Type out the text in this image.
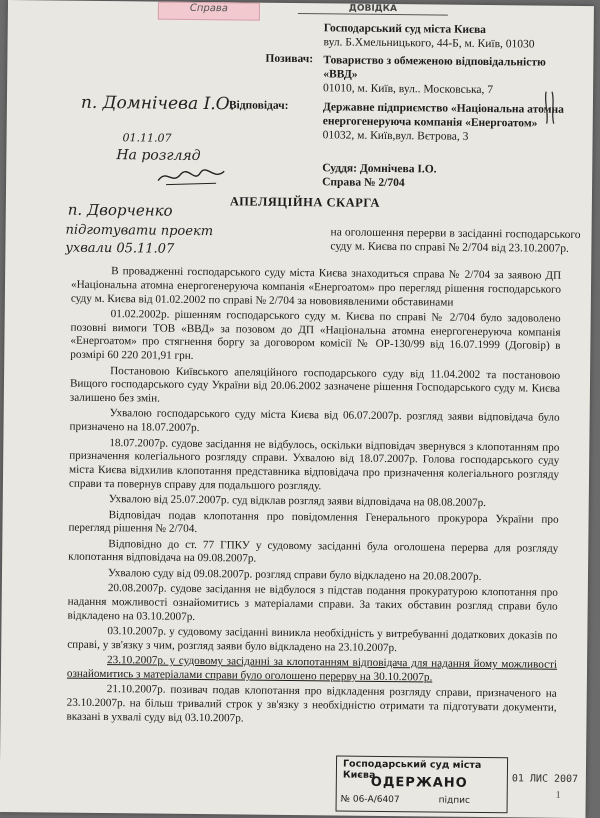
Справа	ДОВІДКА
Господарський суд міста Києва
вул. Б.Хмельницького, 44-Б, м. Київ, 01030
Позивач: Товариство з обмеженою відповідальністю «ВВД»
01010, м. Київ, вул.. Московська, 7
Відповідач:	Державне підприємство «Національна атомна енергогенеруюча компанія «Енергоатом»
01032, м. Київ,вул. Вєтрова, 3
Суддя: Домнічева І.О.
Справа № 2/704
п. Домнічева І.О.
01.11.07
На розгляд
п. Дворченко
підготувати проект
ухвали 05.11.07
АПЕЛЯЦІЙНА СКАРГА
на оголошення перерви в засіданні господарського суду м. Києва по справі № 2/704 від 23.10.2007р.

В провадженні господарського суду міста Києва знаходиться справа № 2/704 за заявою ДП «Національна атомна енергогенеруюча компанія «Енергоатом» про перегляд рішення господарського суду м. Києва від 01.02.2002 по справі № 2/704 за нововиявленими обставинами

01.02.2002р. рішенням господарського суду м. Києва по справі № 2/704 було задоволено позовні вимоги ТОВ «ВВД» за позовом до ДП «Національна атомна енергогенеруюча компанія «Енергоатом» про стягнення боргу за договором комісії № ОР-130/99 від 16.07.1999 (Договір) в розмірі 60 220 201,91 грн.

Постановою Київського апеляційного господарського суду від 11.04.2002 та постановою Вищого господарського суду України від 20.06.2002 зазначене рішення Господарського суду м. Києва залишено без змін.

Ухвалою господарського суду міста Києва від 06.07.2007р. розгляд заяви відповідача було призначено на 18.07.2007р.

18.07.2007р. судове засідання не відбулось, оскільки відповідач звернувся з клопотанням про призначення колегіального розгляду справи. Ухвалою від 18.07.2007р. Голова господарського суду міста Києва відхилив клопотання представника відповідача про призначення колегіального розгляду справи та повернув справу для подальшого розгляду.

Ухвалою від 25.07.2007р. суд відклав розгляд заяви відповідача на 08.08.2007р.

Відповідач подав клопотання про повідомлення Генерального прокурора України про перегляд рішення № 2/704.

Відповідно до ст. 77 ГПКУ у судовому засіданні була оголошена перерва для розгляду клопотання відповідача на 09.08.2007р.

Ухвалою суду від 09.08.2007р. розгляд справи було відкладено на 20.08.2007р.

20.08.2007р. судове засідання не відбулося з підстав подання прокуратурою клопотання про надання можливості ознайомитись з матеріалами справи. За таких обставин розгляд справи було відкладено на 03.10.2007р.

03.10.2007р. у судовому засіданні виникла необхідність у витребуванні додаткових доказів по справі, у зв'язку з чим, розгляд заяви було відкладено на 23.10.2007р.

23.10.2007р. у судовому засіданні за клопотанням відповідача для надання йому можливості ознайомитись з матеріалами справи було оголошено перерву на 30.10.2007р.

21.10.2007р. позивач подав клопотання про відкладення розгляду справи, призначеного на 23.10.2007р. на більш тривалий строк у зв'язку з необхідністю отримати та підготувати документи, вказані в ухвалі суду від 03.10.2007р.

Господарський суд міста Києва
ОДЕРЖАНО
№ 06-А/6407	підпис
01 ЛИС 2007
1
